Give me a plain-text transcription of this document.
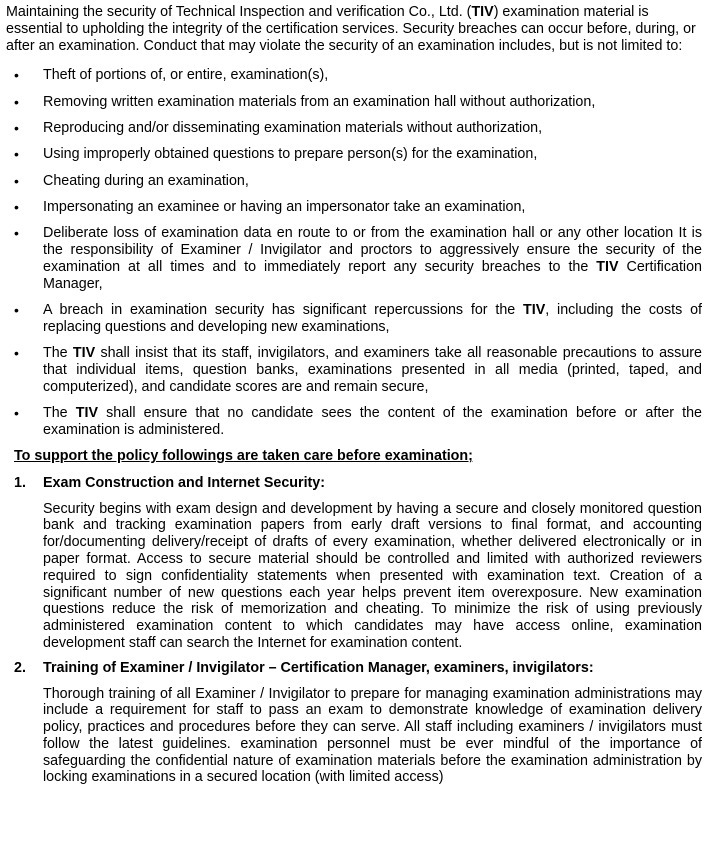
Maintaining the security of Technical Inspection and verification Co., Ltd. (TIV) examination material is essential to upholding the integrity of the certification services. Security breaches can occur before, during, or after an examination. Conduct that may violate the security of an examination includes, but is not limited to:

• Theft of portions of, or entire, examination(s),
• Removing written examination materials from an examination hall without authorization,
• Reproducing and/or disseminating examination materials without authorization,
• Using improperly obtained questions to prepare person(s) for the examination,
• Cheating during an examination,
• Impersonating an examinee or having an impersonator take an examination,
• Deliberate loss of examination data en route to or from the examination hall or any other location It is the responsibility of Examiner / Invigilator and proctors to aggressively ensure the security of the examination at all times and to immediately report any security breaches to the TIV Certification Manager,
• A breach in examination security has significant repercussions for the TIV, including the costs of replacing questions and developing new examinations,
• The TIV shall insist that its staff, invigilators, and examiners take all reasonable precautions to assure that individual items, question banks, examinations presented in all media (printed, taped, and computerized), and candidate scores are and remain secure,
• The TIV shall ensure that no candidate sees the content of the examination before or after the examination is administered.

To support the policy followings are taken care before examination;

1. Exam Construction and Internet Security:

Security begins with exam design and development by having a secure and closely monitored question bank and tracking examination papers from early draft versions to final format, and accounting for/documenting delivery/receipt of drafts of every examination, whether delivered electronically or in paper format. Access to secure material should be controlled and limited with authorized reviewers required to sign confidentiality statements when presented with examination text. Creation of a significant number of new questions each year helps prevent item overexposure. New examination questions reduce the risk of memorization and cheating. To minimize the risk of using previously administered examination content to which candidates may have access online, examination development staff can search the Internet for examination content.

2. Training of Examiner / Invigilator – Certification Manager, examiners, invigilators:

Thorough training of all Examiner / Invigilator to prepare for managing examination administrations may include a requirement for staff to pass an exam to demonstrate knowledge of examination delivery policy, practices and procedures before they can serve. All staff including examiners / invigilators must follow the latest guidelines. examination personnel must be ever mindful of the importance of safeguarding the confidential nature of examination materials before the examination administration by locking examinations in a secured location (with limited access)
